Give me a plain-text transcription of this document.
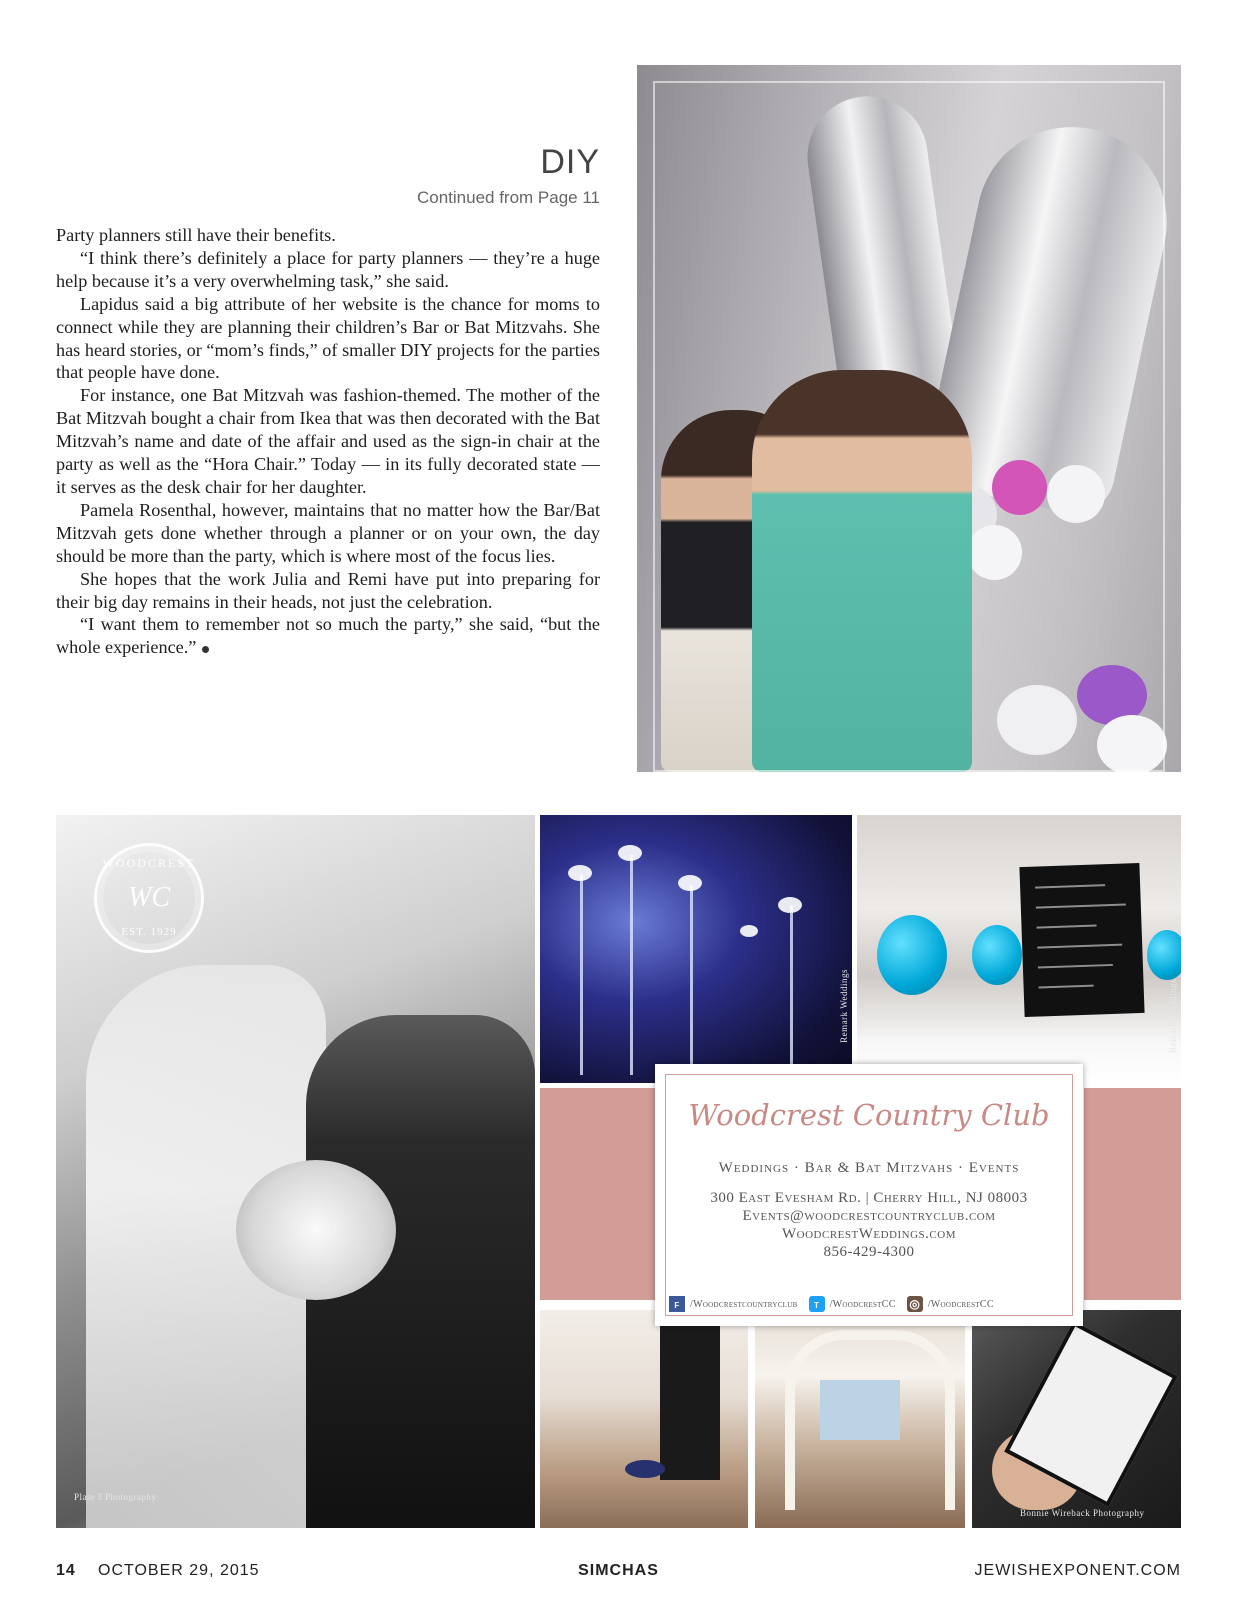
DIY
Continued from Page 11

Party planners still have their benefits.

“I think there’s definitely a place for party planners — they’re a huge help because it’s a very overwhelming task,” she said.

Lapidus said a big attribute of her website is the chance for moms to connect while they are planning their children’s Bar or Bat Mitzvahs. She has heard stories, or “mom’s finds,” of smaller DIY projects for the parties that people have done.

For instance, one Bat Mitzvah was fashion-themed. The mother of the Bat Mitzvah bought a chair from Ikea that was then decorated with the Bat Mitzvah’s name and date of the affair and used as the sign-in chair at the party as well as the “Hora Chair.” Today — in its fully decorated state — it serves as the desk chair for her daughter.

Pamela Rosenthal, however, maintains that no matter how the Bar/Bat Mitzvah gets done whether through a planner or on your own, the day should be more than the party, which is where most of the focus lies.

She hopes that the work Julia and Remi have put into preparing for their big day remains in their heads, not just the celebration.

“I want them to remember not so much the party,” she said, “but the whole experience.”

WOODCREST
WC
EST. 1929
Plate 3 Photography
Remark Weddings	Remark Weddings
Bonnie Wireback Photography
Woodcrest Country Club
Weddings · Bar & Bat Mitzvahs · Events
300 East Evesham Rd. | Cherry Hill, NJ 08003
Events@woodcrestcountryclub.com
WoodcrestWeddings.com
856-429-4300
f	/Woodcrestcountryclub	t	/WoodcrestCC ◎ /WoodcrestCC
14 OCTOBER 29, 2015	SIMCHAS	JEWISHEXPONENT.COM
